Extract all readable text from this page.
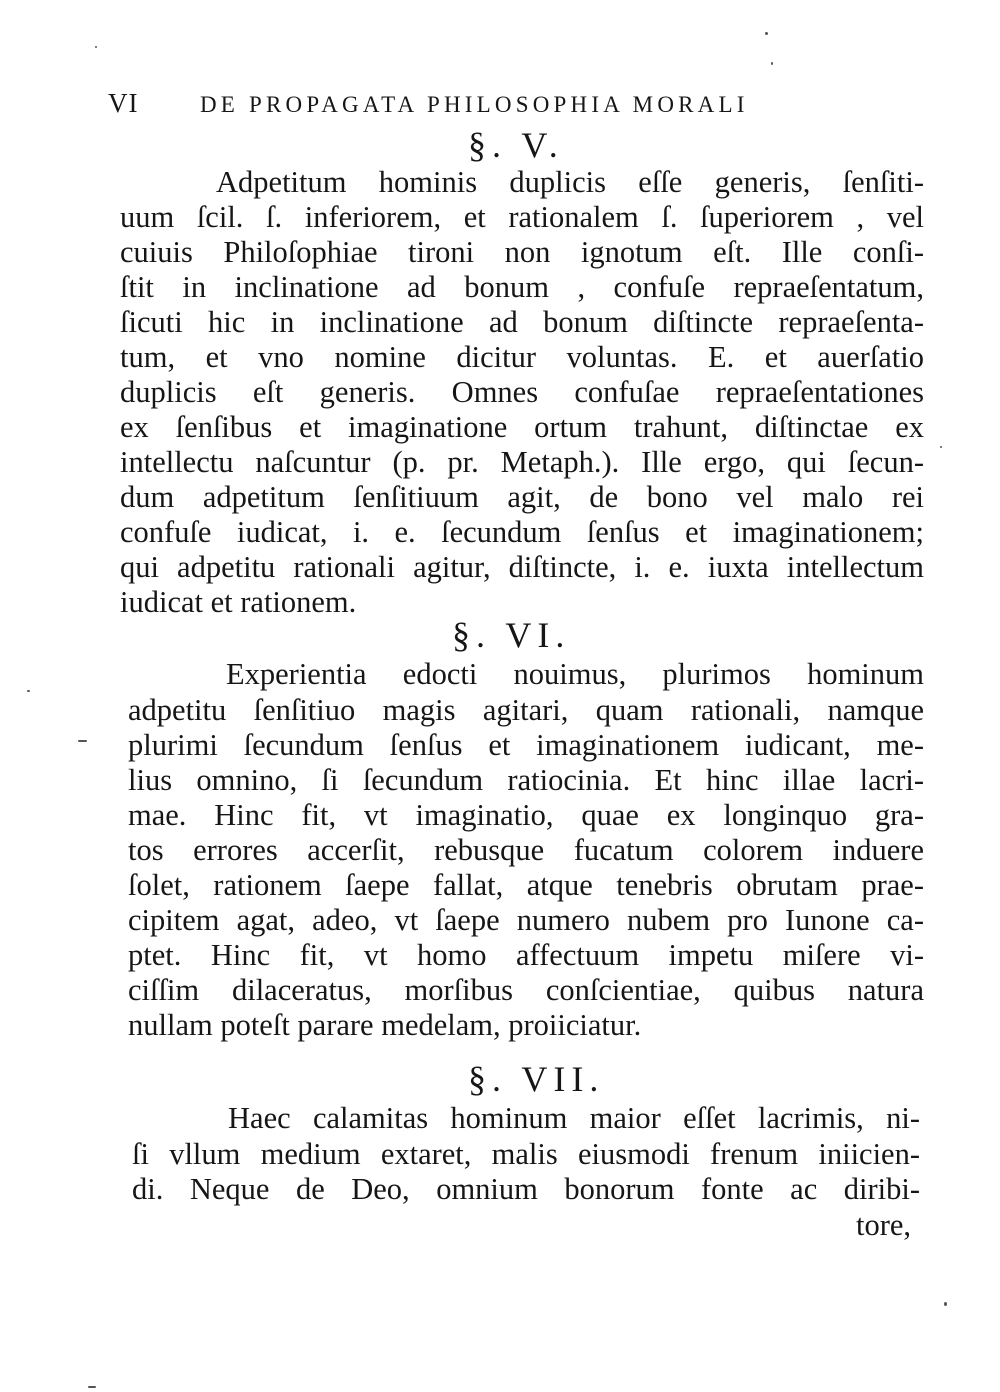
VI	DE PROPAGATA PHILOSOPHIA MORALI
§. V.
Adpetitum hominis duplicis eſſe generis, ſenſiti-
uum ſcil. ſ. inferiorem, et rationalem ſ. ſuperiorem , vel
cuiuis Philoſophiae tironi non ignotum eſt. Ille conſi-
ſtit in inclinatione ad bonum , confuſe repraeſentatum,
ſicuti hic in inclinatione ad bonum diſtincte repraeſenta-
tum, et vno nomine dicitur voluntas. E. et auerſatio
duplicis eſt generis. Omnes confuſae repraeſentationes
ex ſenſibus et imaginatione ortum trahunt, diſtinctae ex
intellectu naſcuntur (p. pr. Metaph.). Ille ergo, qui ſecun-
dum adpetitum ſenſitiuum agit, de bono vel malo rei
confuſe iudicat, i. e. ſecundum ſenſus et imaginationem;
qui adpetitu rationali agitur, diſtincte, i. e. iuxta intellectum
iudicat et rationem.
§. VI.
Experientia edocti nouimus, plurimos hominum
adpetitu ſenſitiuo magis agitari, quam rationali, namque
plurimi ſecundum ſenſus et imaginationem iudicant, me-
lius omnino, ſi ſecundum ratiocinia. Et hinc illae lacri-
mae. Hinc fit, vt imaginatio, quae ex longinquo gra-
tos errores accerſit, rebusque fucatum colorem induere
ſolet, rationem ſaepe fallat, atque tenebris obrutam prae-
cipitem agat, adeo, vt ſaepe numero nubem pro Iunone ca-
ptet. Hinc fit, vt homo affectuum impetu miſere vi-
ciſſim dilaceratus, morſibus conſcientiae, quibus natura
nullam poteſt parare medelam, proiiciatur.
§. VII.
Haec calamitas hominum maior eſſet lacrimis, ni-
ſi vllum medium extaret, malis eiusmodi frenum iniicien-
di. Neque de Deo, omnium bonorum fonte ac diribi-
tore,
